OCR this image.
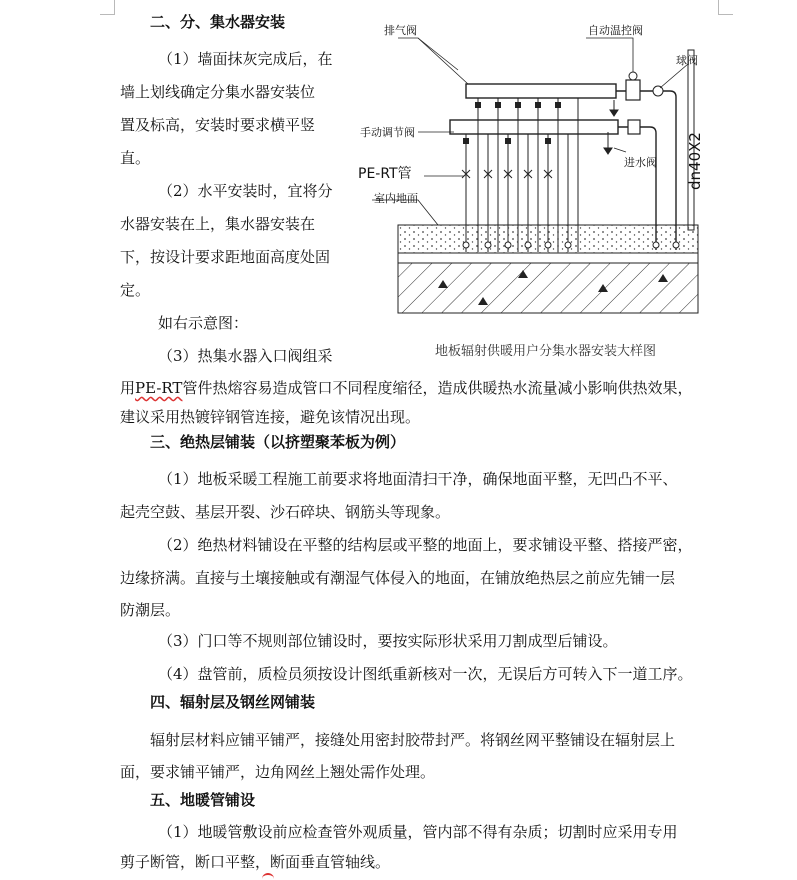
二、分、集水器安装
（1）墙面抹灰完成后，在
墙上划线确定分集水器安装位
置及标高，安装时要求横平竖
直。
（2）水平安装时，宜将分
水器安装在上，集水器安装在
下，按设计要求距地面高度处固
定。
如右示意图：
（3）热集水器入口阀组采
用PE-RT管件热熔容易造成管口不同程度缩径，造成供暖热水流量减小影响供热效果，
建议采用热镀锌钢管连接，避免该情况出现。
排气阀	自动温控阀
球阀
手动调节阀
PE-RT管
室内地面
进水阀 dn40X2
地板辐射供暖用户分集水器安装大样图
三、绝热层铺装（以挤塑聚苯板为例）
（1）地板采暖工程施工前要求将地面清扫干净，确保地面平整，无凹凸不平、
起壳空鼓、基层开裂、沙石碎块、钢筋头等现象。
（2）绝热材料铺设在平整的结构层或平整的地面上，要求铺设平整、搭接严密，
边缘挤满。直接与土壤接触或有潮湿气体侵入的地面，在铺放绝热层之前应先铺一层
防潮层。
（3）门口等不规则部位铺设时，要按实际形状采用刀割成型后铺设。
（4）盘管前，质检员须按设计图纸重新核对一次，无误后方可转入下一道工序。
四、辐射层及钢丝网铺装
辐射层材料应铺平铺严，接缝处用密封胶带封严。将钢丝网平整铺设在辐射层上
面，要求铺平铺严，边角网丝上翘处需作处理。
五、地暖管铺设
（1）地暖管敷设前应检查管外观质量，管内部不得有杂质；切割时应采用专用
剪子断管，断口平整，断面垂直管轴线。
